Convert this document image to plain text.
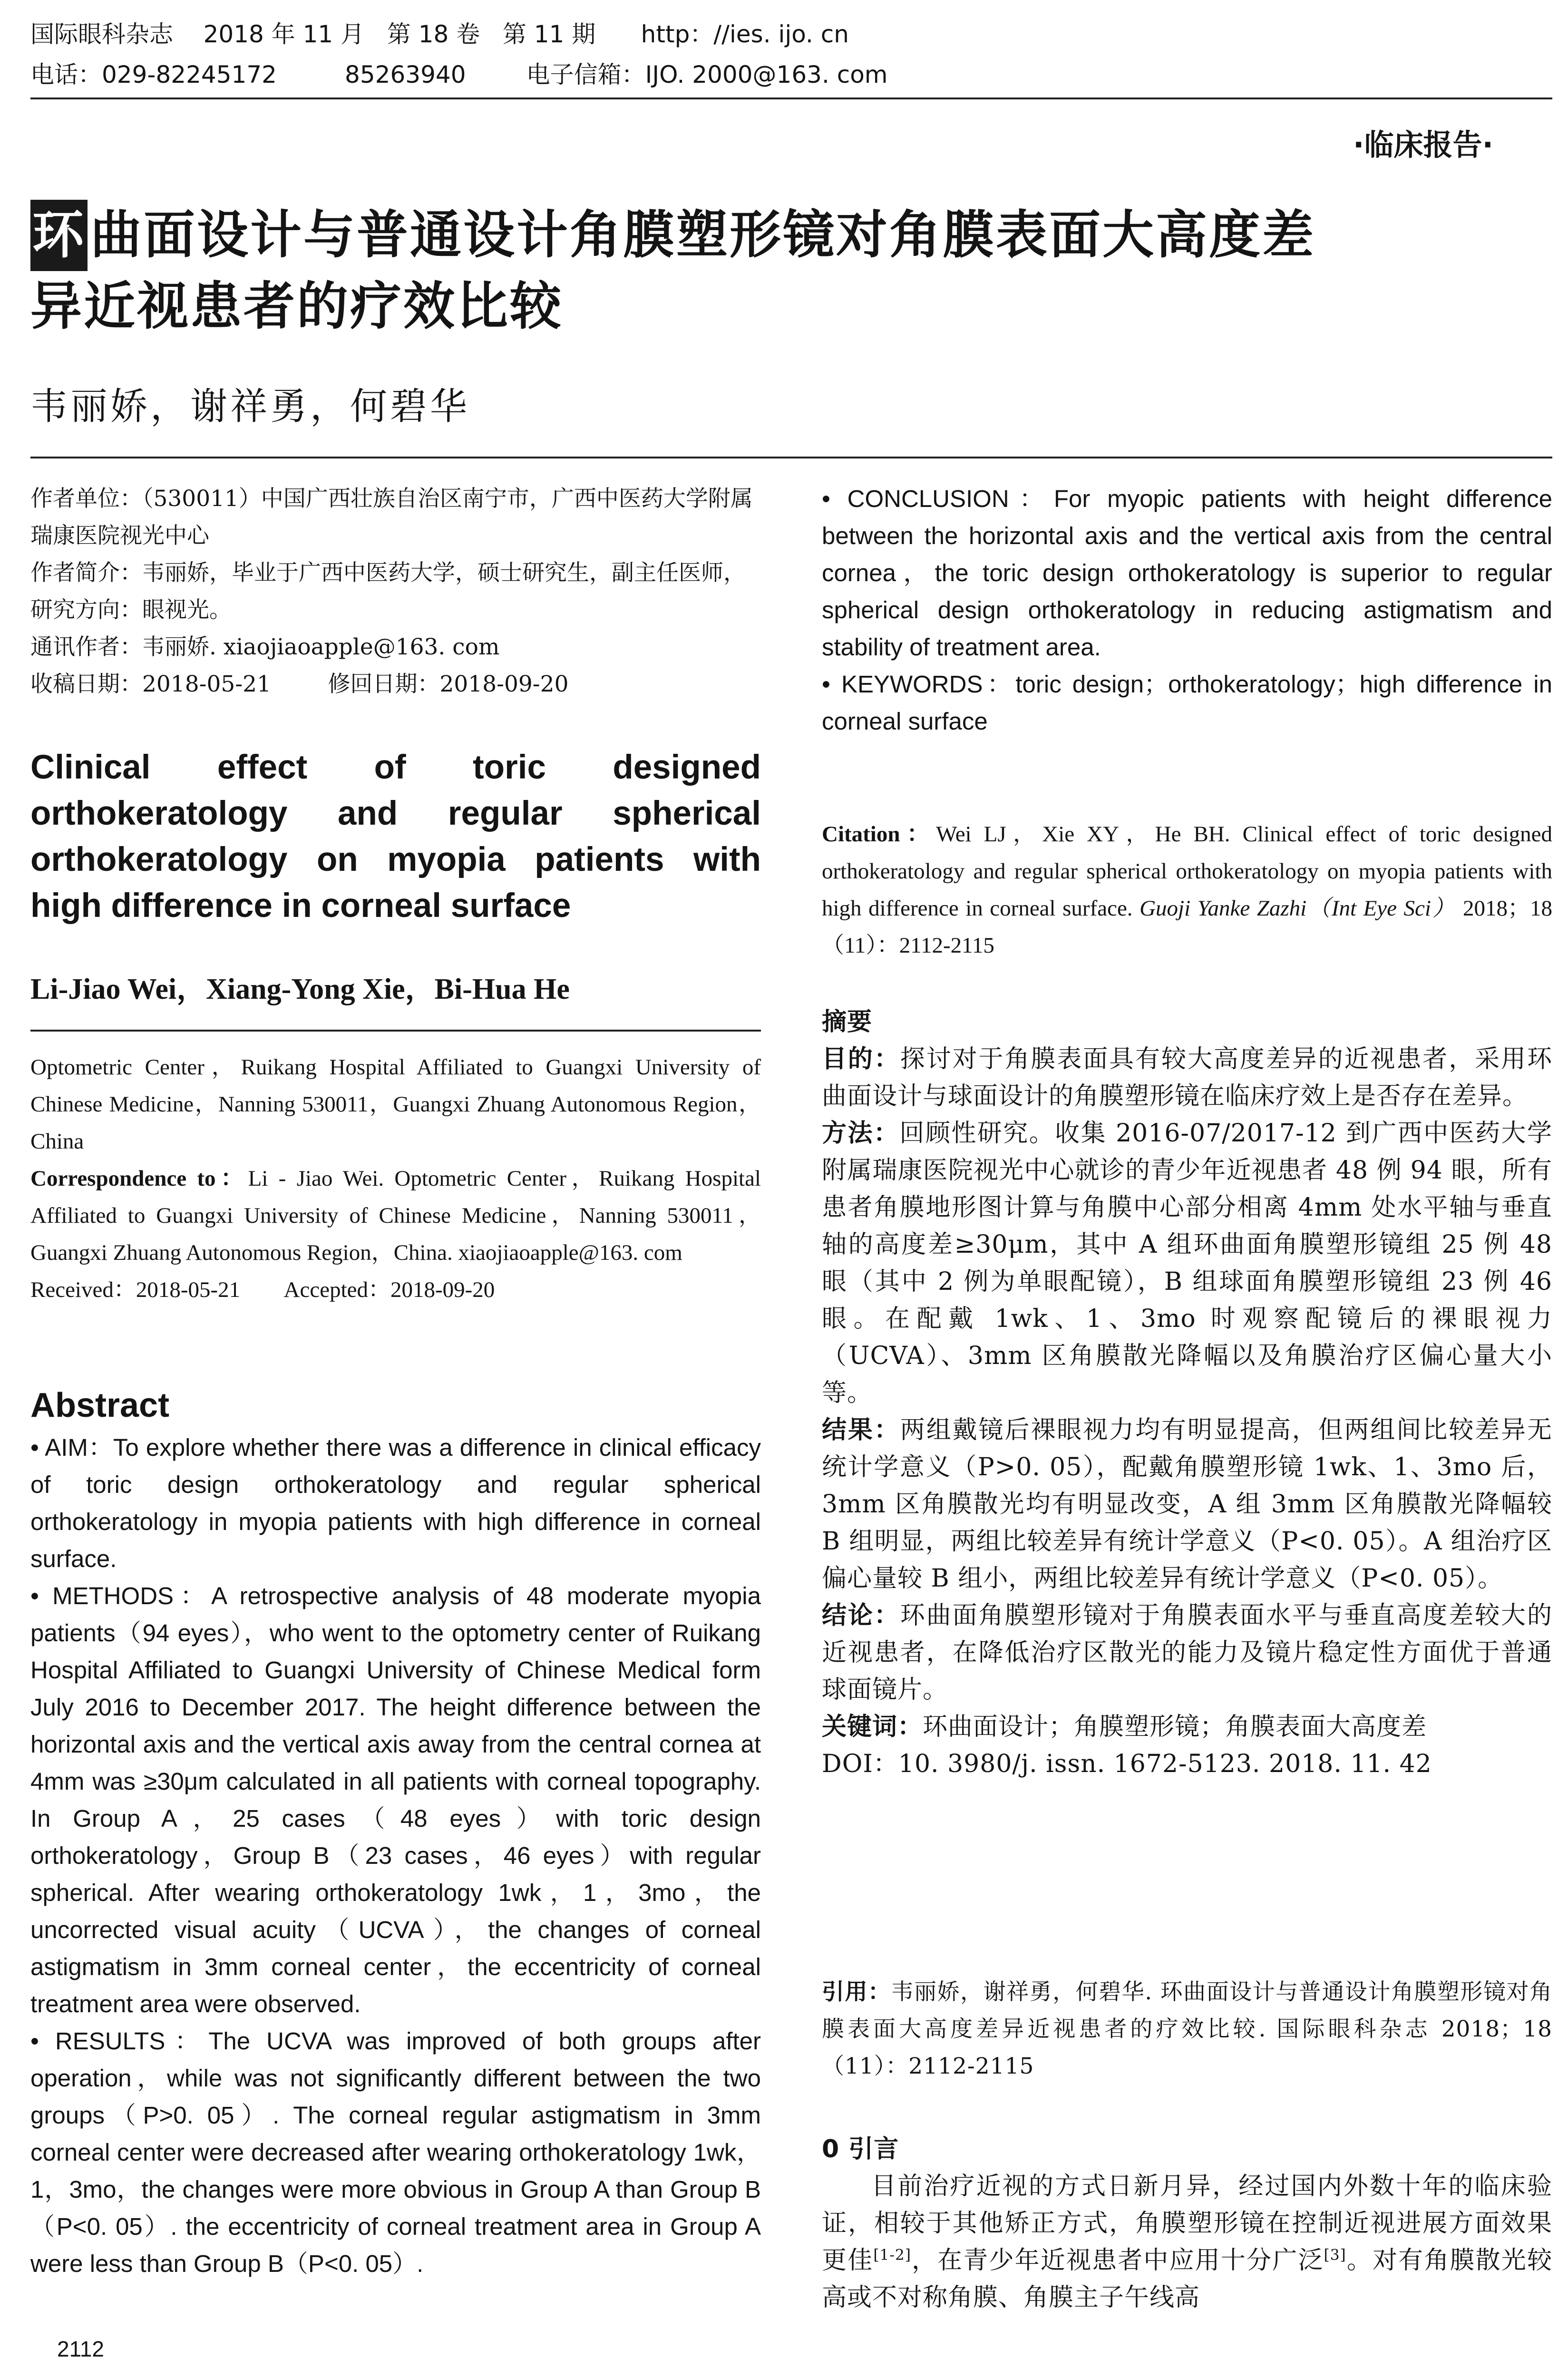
国际眼科杂志    2018 年 11 月   第 18 卷   第 11 期      http：//ies. ijo. cn
电话：029-82245172         85263940        电子信箱：IJO. 2000@163. com
·临床报告·
环曲面设计与普通设计角膜塑形镜对角膜表面大高度差
异近视患者的疗效比较
韦丽娇，谢祥勇，何碧华

作者单位：（530011）中国广西壮族自治区南宁市，广西中医药大学附属瑞康医院视光中心

作者简介：韦丽娇，毕业于广西中医药大学，硕士研究生，副主任医师，研究方向：眼视光。

通讯作者：韦丽娇. xiaojiaoapple@163. com

收稿日期：2018-05-21        修回日期：2018-09-20

Clinical effect of toric designed orthokeratology and regular spherical orthokeratology on myopia patients with high difference in corneal surface
Li-Jiao Wei，Xiang-Yong Xie，Bi-Hua He

Optometric Center，Ruikang Hospital Affiliated to Guangxi University of Chinese Medicine，Nanning 530011，Guangxi Zhuang Autonomous Region，China

Correspondence to：Li - Jiao Wei. Optometric Center，Ruikang Hospital Affiliated to Guangxi University of Chinese Medicine，Nanning 530011，Guangxi Zhuang Autonomous Region，China. xiaojiaoapple@163. com

Received：2018-05-21        Accepted：2018-09-20

Abstract

• AIM：To explore whether there was a difference in clinical efficacy of toric design orthokeratology and regular spherical orthokeratology in myopia patients with high difference in corneal surface.

• METHODS：A retrospective analysis of 48 moderate myopia patients（94 eyes），who went to the optometry center of Ruikang Hospital Affiliated to Guangxi University of Chinese Medical form July 2016 to December 2017. The height difference between the horizontal axis and the vertical axis away from the central cornea at 4mm was ≥30μm calculated in all patients with corneal topography. In Group A，25 cases（48 eyes）with toric design orthokeratology，Group B（23 cases，46 eyes）with regular spherical. After wearing orthokeratology 1wk，1，3mo，the uncorrected visual acuity（UCVA），the changes of corneal astigmatism in 3mm corneal center，the eccentricity of corneal treatment area were observed.

• RESULTS：The UCVA was improved of both groups after operation，while was not significantly different between the two groups（P>0. 05）. The corneal regular astigmatism in 3mm corneal center were decreased after wearing orthokeratology 1wk，1，3mo，the changes were more obvious in Group A than Group B（P<0. 05）. the eccentricity of corneal treatment area in Group A were less than Group B（P<0. 05）.

2112

• CONCLUSION：For myopic patients with height difference between the horizontal axis and the vertical axis from the central cornea，the toric design orthokeratology is superior to regular spherical design orthokeratology in reducing astigmatism and stability of treatment area.

• KEYWORDS：toric design；orthokeratology；high difference in corneal surface

Citation：Wei LJ，Xie XY，He BH. Clinical effect of toric designed orthokeratology and regular spherical orthokeratology on myopia patients with high difference in corneal surface. Guoji Yanke Zazhi（Int Eye Sci） 2018；18（11）：2112-2115

摘要

目的：探讨对于角膜表面具有较大高度差异的近视患者，采用环曲面设计与球面设计的角膜塑形镜在临床疗效上是否存在差异。

方法：回顾性研究。收集 2016-07/2017-12 到广西中医药大学附属瑞康医院视光中心就诊的青少年近视患者 48 例 94 眼，所有患者角膜地形图计算与角膜中心部分相离 4mm 处水平轴与垂直轴的高度差≥30μm，其中 A 组环曲面角膜塑形镜组 25 例 48 眼（其中 2 例为单眼配镜），B 组球面角膜塑形镜组 23 例 46 眼。在配戴 1wk、1、3mo 时观察配镜后的裸眼视力（UCVA）、3mm 区角膜散光降幅以及角膜治疗区偏心量大小等。

结果：两组戴镜后裸眼视力均有明显提高，但两组间比较差异无统计学意义（P>0. 05），配戴角膜塑形镜 1wk、1、3mo 后，3mm 区角膜散光均有明显改变，A 组 3mm 区角膜散光降幅较 B 组明显，两组比较差异有统计学意义（P<0. 05）。A 组治疗区偏心量较 B 组小，两组比较差异有统计学意义（P<0. 05）。

结论：环曲面角膜塑形镜对于角膜表面水平与垂直高度差较大的近视患者，在降低治疗区散光的能力及镜片稳定性方面优于普通球面镜片。

关键词：环曲面设计；角膜塑形镜；角膜表面大高度差

DOI：10. 3980/j. issn. 1672-5123. 2018. 11. 42

引用：韦丽娇，谢祥勇，何碧华. 环曲面设计与普通设计角膜塑形镜对角膜表面大高度差异近视患者的疗效比较. 国际眼科杂志 2018；18（11）：2112-2115

0 引言

目前治疗近视的方式日新月异，经过国内外数十年的临床验证，相较于其他矫正方式，角膜塑形镜在控制近视进展方面效果更佳[1-2]，在青少年近视患者中应用十分广泛[3]。对有角膜散光较高或不对称角膜、角膜主子午线高
